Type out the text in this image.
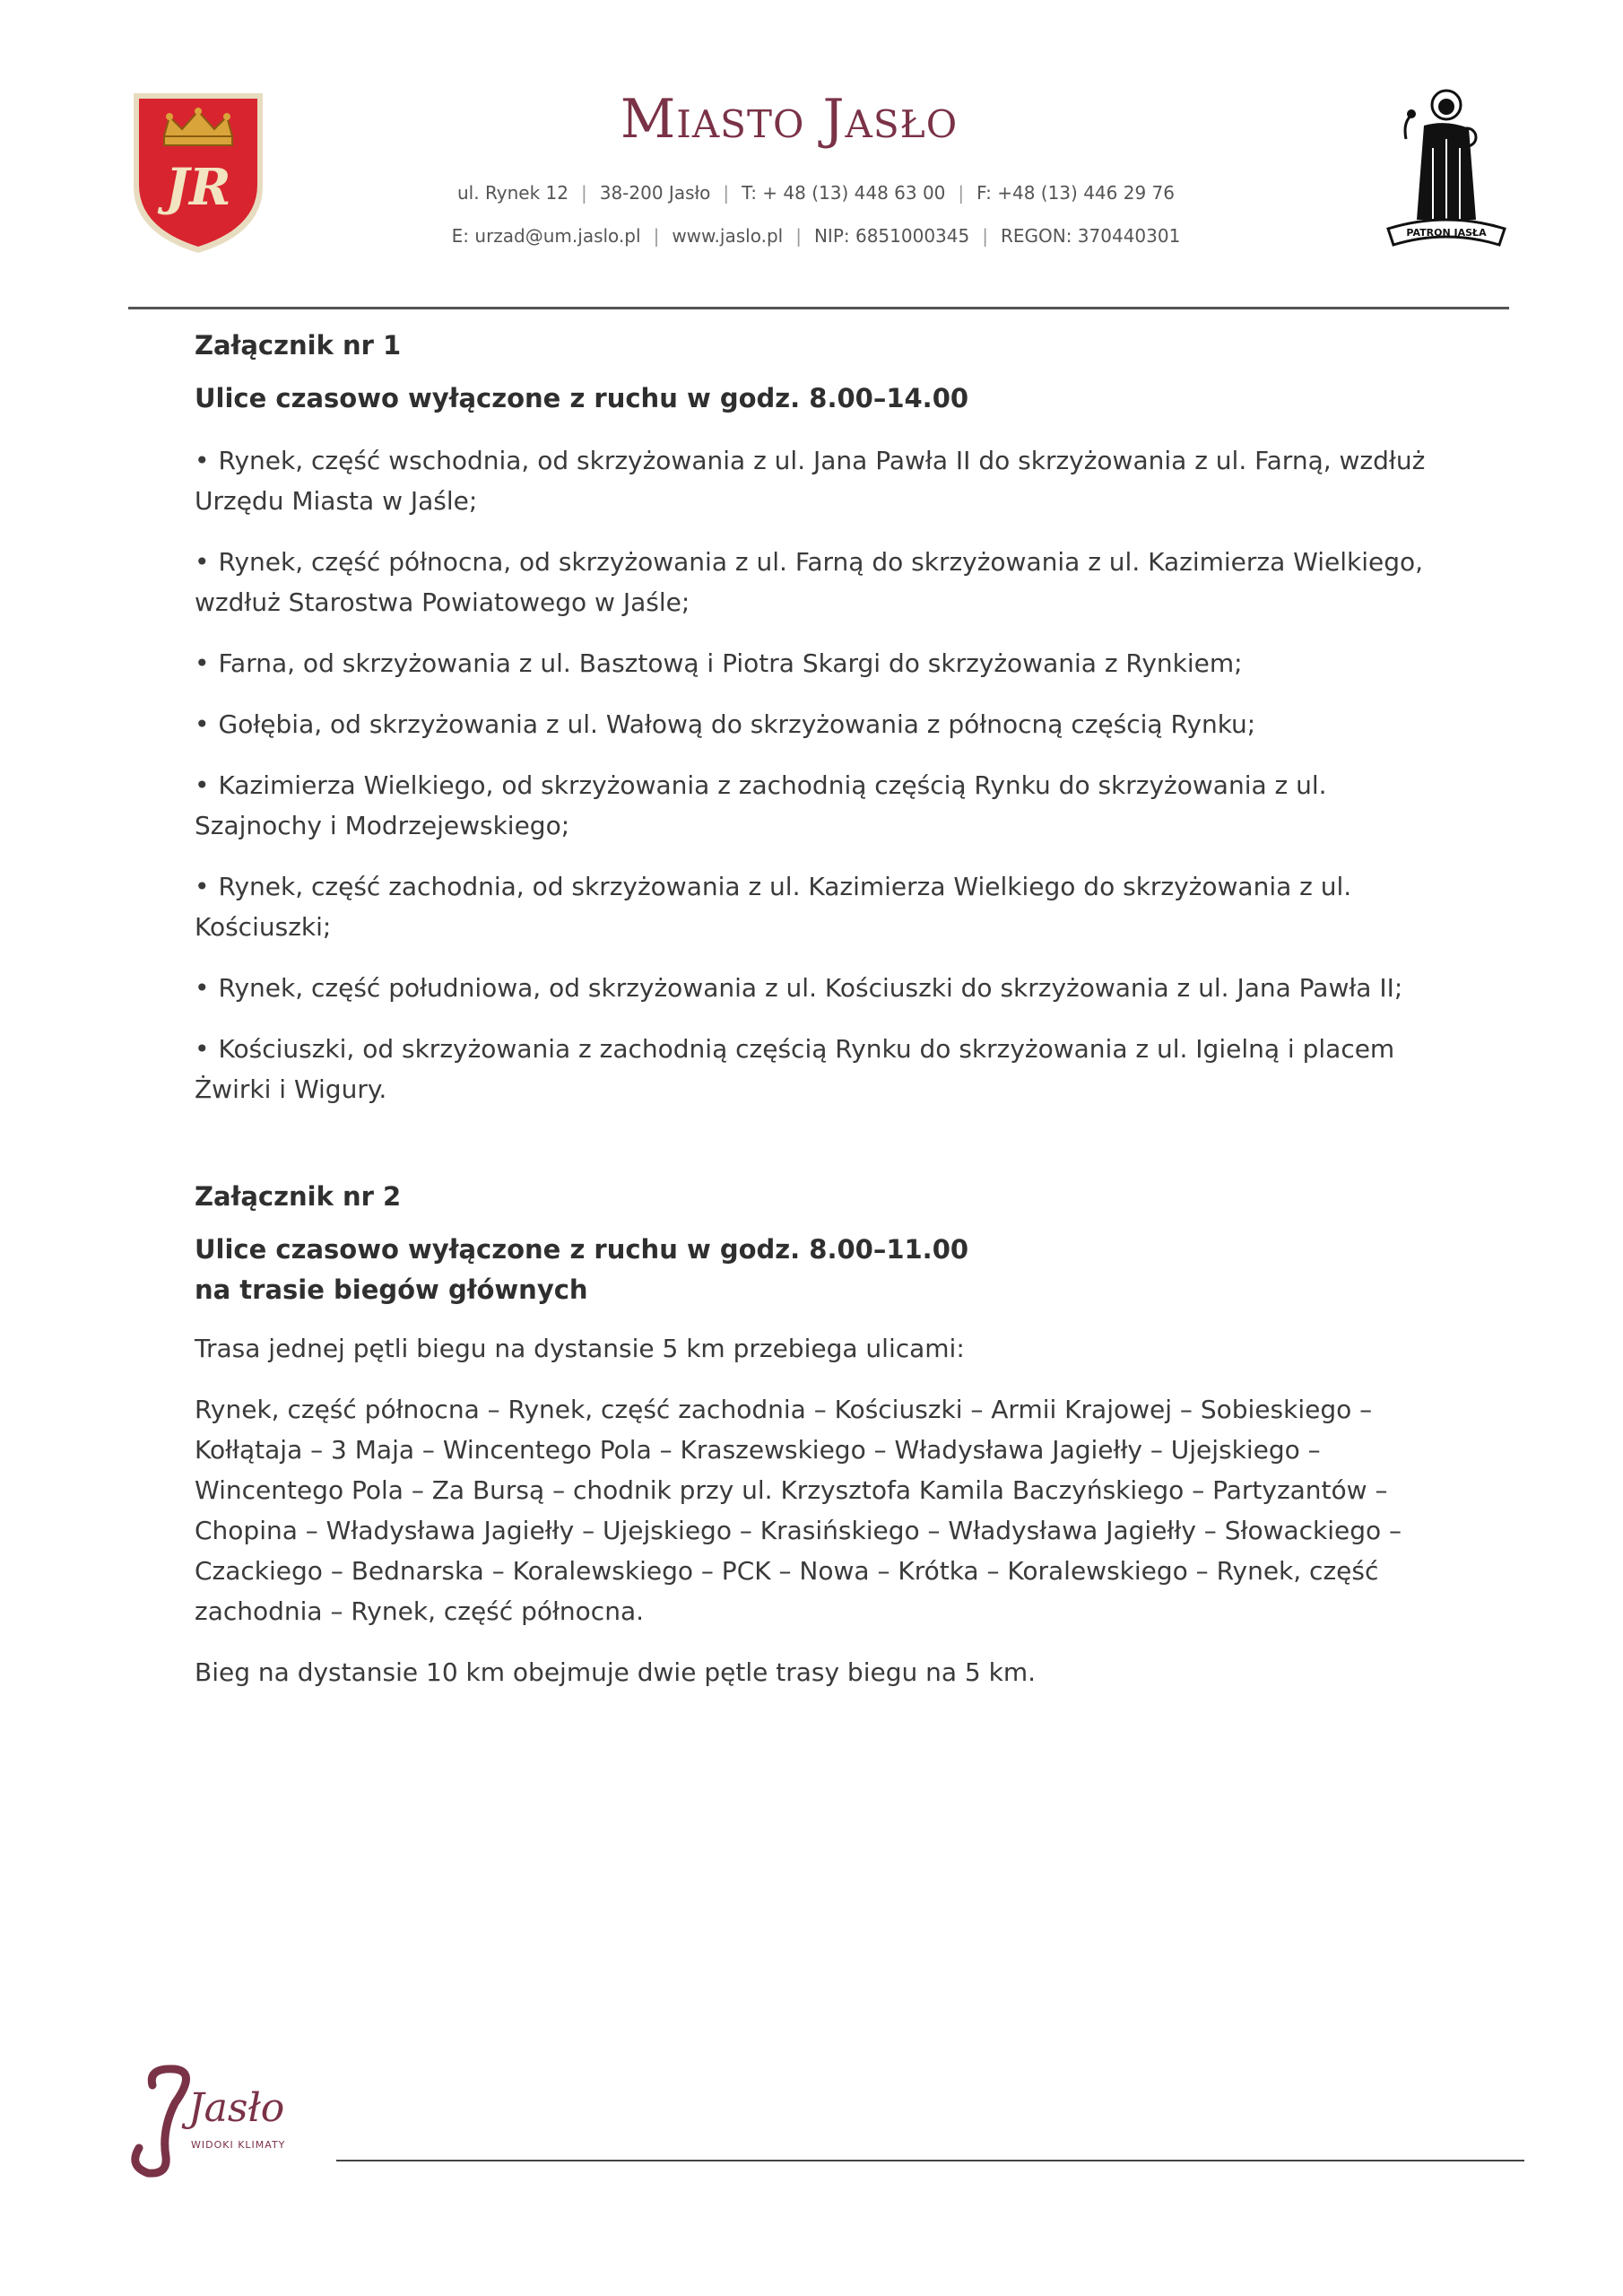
JR
Miasto Jasło
ul. Rynek 12 | 38-200 Jasło | T: + 48 (13) 448 63 00 | F: +48 (13) 446 29 76
E: urzad@um.jaslo.pl | www.jaslo.pl | NIP: 6851000345 | REGON: 370440301	PATRON JASŁA
Załącznik nr 1
Ulice czasowo wyłączone z ruchu w godz. 8.00–14.00
• Rynek, część wschodnia, od skrzyżowania z ul. Jana Pawła II do skrzyżowania z ul. Farną, wzdłuż Urzędu Miasta w Jaśle;
• Rynek, część północna, od skrzyżowania z ul. Farną do skrzyżowania z ul. Kazimierza Wielkiego, wzdłuż Starostwa Powiatowego w Jaśle;
• Farna, od skrzyżowania z ul. Basztową i Piotra Skargi do skrzyżowania z Rynkiem;
• Gołębia, od skrzyżowania z ul. Wałową do skrzyżowania z północną częścią Rynku;
• Kazimierza Wielkiego, od skrzyżowania z zachodnią częścią Rynku do skrzyżowania z ul. Szajnochy i Modrzejewskiego;
• Rynek, część zachodnia, od skrzyżowania z ul. Kazimierza Wielkiego do skrzyżowania z ul. Kościuszki;
• Rynek, część południowa, od skrzyżowania z ul. Kościuszki do skrzyżowania z ul. Jana Pawła II;
• Kościuszki, od skrzyżowania z zachodnią częścią Rynku do skrzyżowania z ul. Igielną i placem Żwirki i Wigury.
Załącznik nr 2
Ulice czasowo wyłączone z ruchu w godz. 8.00–11.00
na trasie biegów głównych

Trasa jednej pętli biegu na dystansie 5 km przebiega ulicami:

Rynek, część północna – Rynek, część zachodnia – Kościuszki – Armii Krajowej – Sobieskiego – Kołłątaja – 3 Maja – Wincentego Pola – Kraszewskiego – Władysława Jagiełły – Ujejskiego – Wincentego Pola – Za Bursą – chodnik przy ul. Krzysztofa Kamila Baczyńskiego – Partyzantów – Chopina – Władysława Jagiełły – Ujejskiego – Krasińskiego – Władysława Jagiełły – Słowackiego – Czackiego – Bednarska – Koralewskiego – PCK – Nowa – Krótka – Koralewskiego – Rynek, część zachodnia – Rynek, część północna.

Bieg na dystansie 10 km obejmuje dwie pętle trasy biegu na 5 km.

Jasło
WIDOKI KLIMATY
